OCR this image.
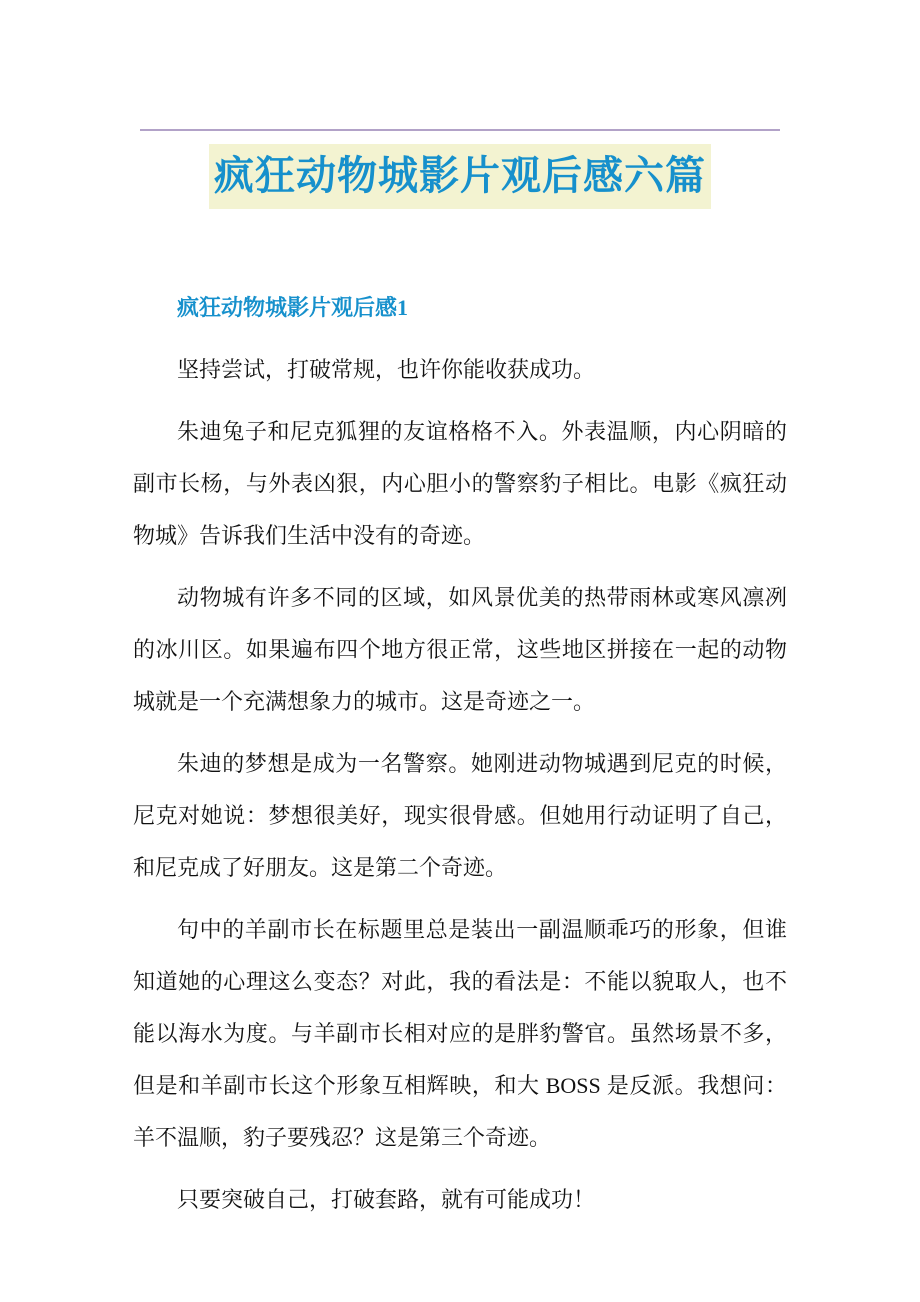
疯狂动物城影片观后感六篇
疯狂动物城影片观后感1

坚持尝试，打破常规，也许你能收获成功。

朱迪兔子和尼克狐狸的友谊格格不入。外表温顺，内心阴暗的副市长杨，与外表凶狠，内心胆小的警察豹子相比。电影《疯狂动物城》告诉我们生活中没有的奇迹。

动物城有许多不同的区域，如风景优美的热带雨林或寒风凛冽的冰川区。如果遍布四个地方很正常，这些地区拼接在一起的动物城就是一个充满想象力的城市。这是奇迹之一。

朱迪的梦想是成为一名警察。她刚进动物城遇到尼克的时候，尼克对她说：梦想很美好，现实很骨感。但她用行动证明了自己，和尼克成了好朋友。这是第二个奇迹。

句中的羊副市长在标题里总是装出一副温顺乖巧的形象，但谁知道她的心理这么变态？对此，我的看法是：不能以貌取人，也不能以海水为度。与羊副市长相对应的是胖豹警官。虽然场景不多，但是和羊副市长这个形象互相辉映，和大 BOSS 是反派。我想问：羊不温顺，豹子要残忍？这是第三个奇迹。

只要突破自己，打破套路，就有可能成功！
